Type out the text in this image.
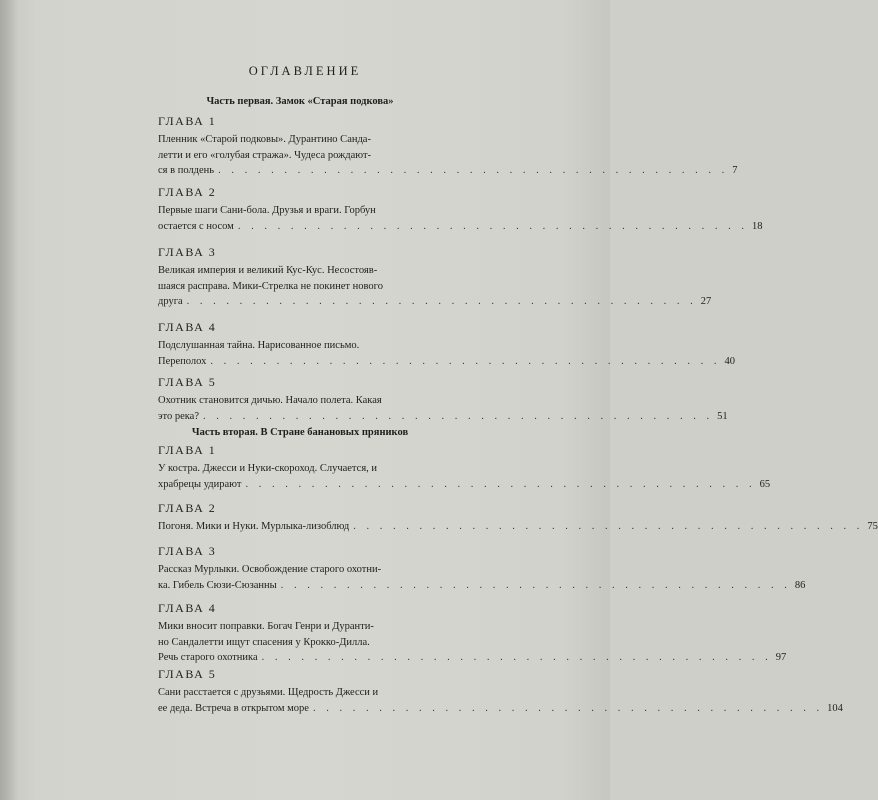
ОГЛАВЛЕНИЕ
ГЛАВА 1
Пленник «Старой подковы». Дурантино Санда-
летти и его «голубая стража». Чудеса рождают-
ся в полдень . . . . . . . . . . . . . . . . . . . . . . . . . . . . . . . . . . . . . . . 7
ГЛАВА 2
Первые шаги Сани-бола. Друзья и враги. Горбун
остается с носом . . . . . . . . . . . . . . . . . . . . . . . . . . . . . . . . . . . . . . . 18
ГЛАВА 3
Великая империя и великий Кус-Кус. Несостояв-
шаяся расправа. Мики-Стрелка не покинет нового
друга . . . . . . . . . . . . . . . . . . . . . . . . . . . . . . . . . . . . . . . 27
ГЛАВА 4
Подслушанная тайна. Нарисованное письмо.
Переполох . . . . . . . . . . . . . . . . . . . . . . . . . . . . . . . . . . . . . . . 40
ГЛАВА 5
Охотник становится дичью. Начало полета. Какая
это река? . . . . . . . . . . . . . . . . . . . . . . . . . . . . . . . . . . . . . . . 51
ГЛАВА 1
У костра. Джесси и Нуки-скороход. Случается, и
храбрецы удирают . . . . . . . . . . . . . . . . . . . . . . . . . . . . . . . . . . . . . . . 65
ГЛАВА 2
Погоня. Мики и Нуки. Мурлыка-лизоблюд . . . . . . . . . . . . . . . . . . . . . . . . . . . . . . . . . . . . . . . 75
ГЛАВА 3
Рассказ Мурлыки. Освобождение старого охотни-
ка. Гибель Сюзи-Сюзанны . . . . . . . . . . . . . . . . . . . . . . . . . . . . . . . . . . . . . . . 86
ГЛАВА 4
Мики вносит поправки. Богач Генри и Дуранти-
но Сандалетти ищут спасения у Крокко-Дилла.
Речь старого охотника . . . . . . . . . . . . . . . . . . . . . . . . . . . . . . . . . . . . . . . 97
ГЛАВА 5
Сани расстается с друзьями. Щедрость Джесси и
ее деда. Встреча в открытом море . . . . . . . . . . . . . . . . . . . . . . . . . . . . . . . . . . . . . . . 104
Часть первая. Замок «Старая подкова»
Часть вторая. В Стране банановых пряников
